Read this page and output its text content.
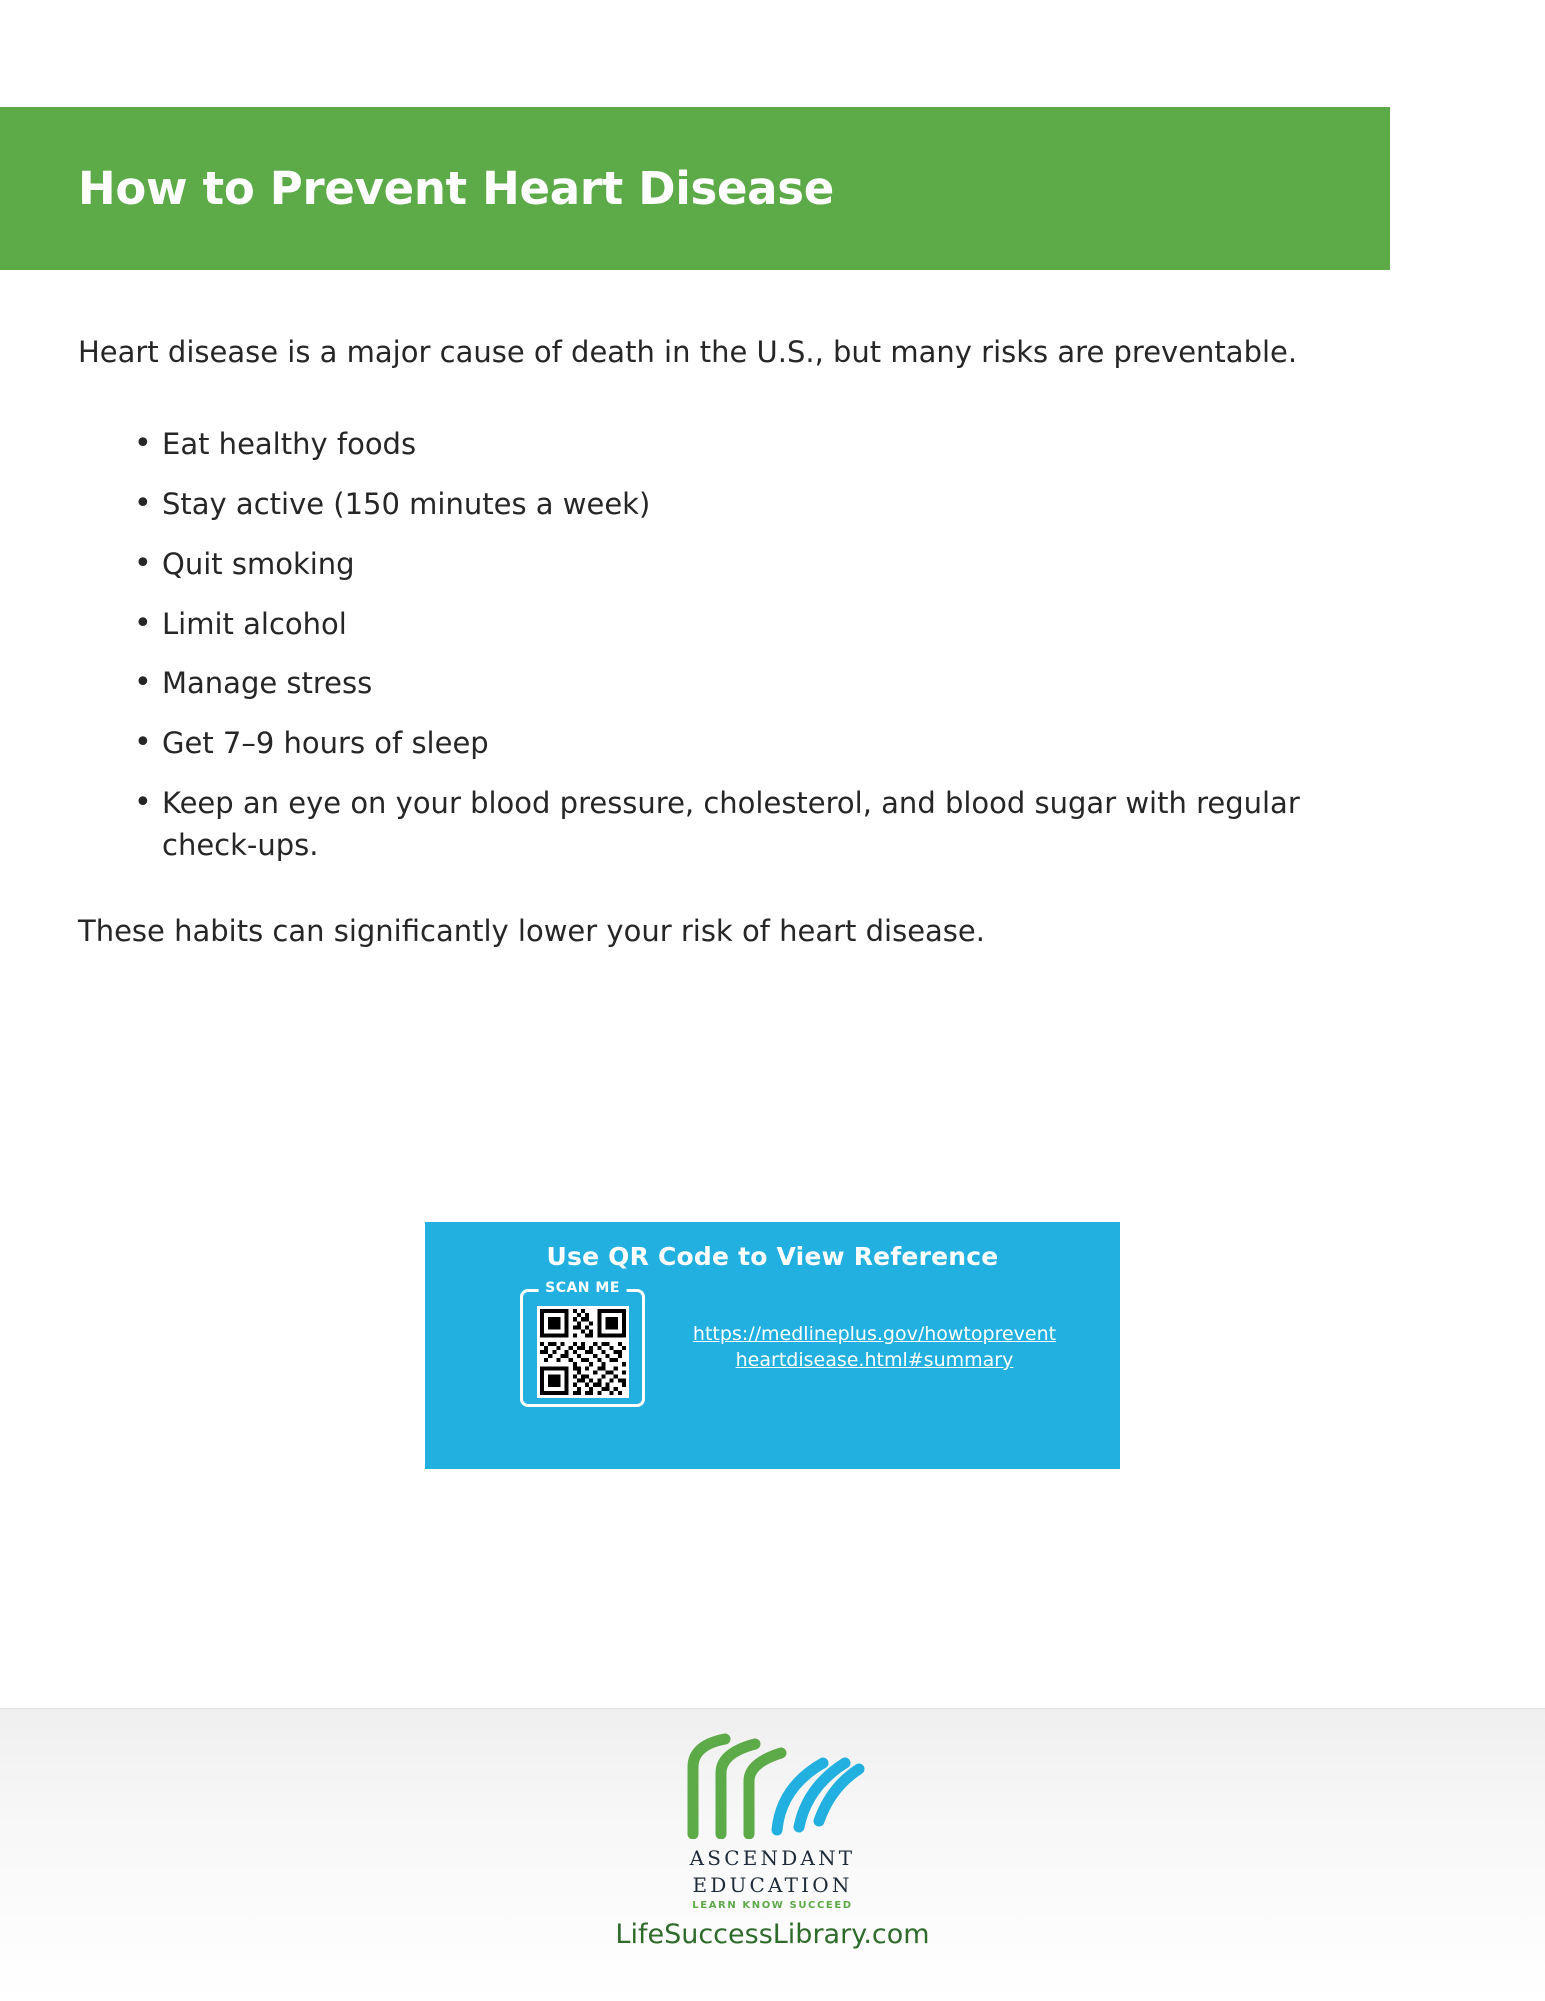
How to Prevent Heart Disease

Heart disease is a major cause of death in the U.S., but many risks are preventable.

• Eat healthy foods
• Stay active (150 minutes a week)
• Quit smoking
• Limit alcohol
• Manage stress
• Get 7–9 hours of sleep
• Keep an eye on your blood pressure, cholesterol, and blood sugar with regular check-ups.

These habits can significantly lower your risk of heart disease.

Use QR Code to View Reference
SCAN ME
https://medlineplus.gov/howtopreventheartdisease.html#summary
ASCENDANT
EDUCATION
LEARN KNOW SUCCEED
LifeSuccessLibrary.com
